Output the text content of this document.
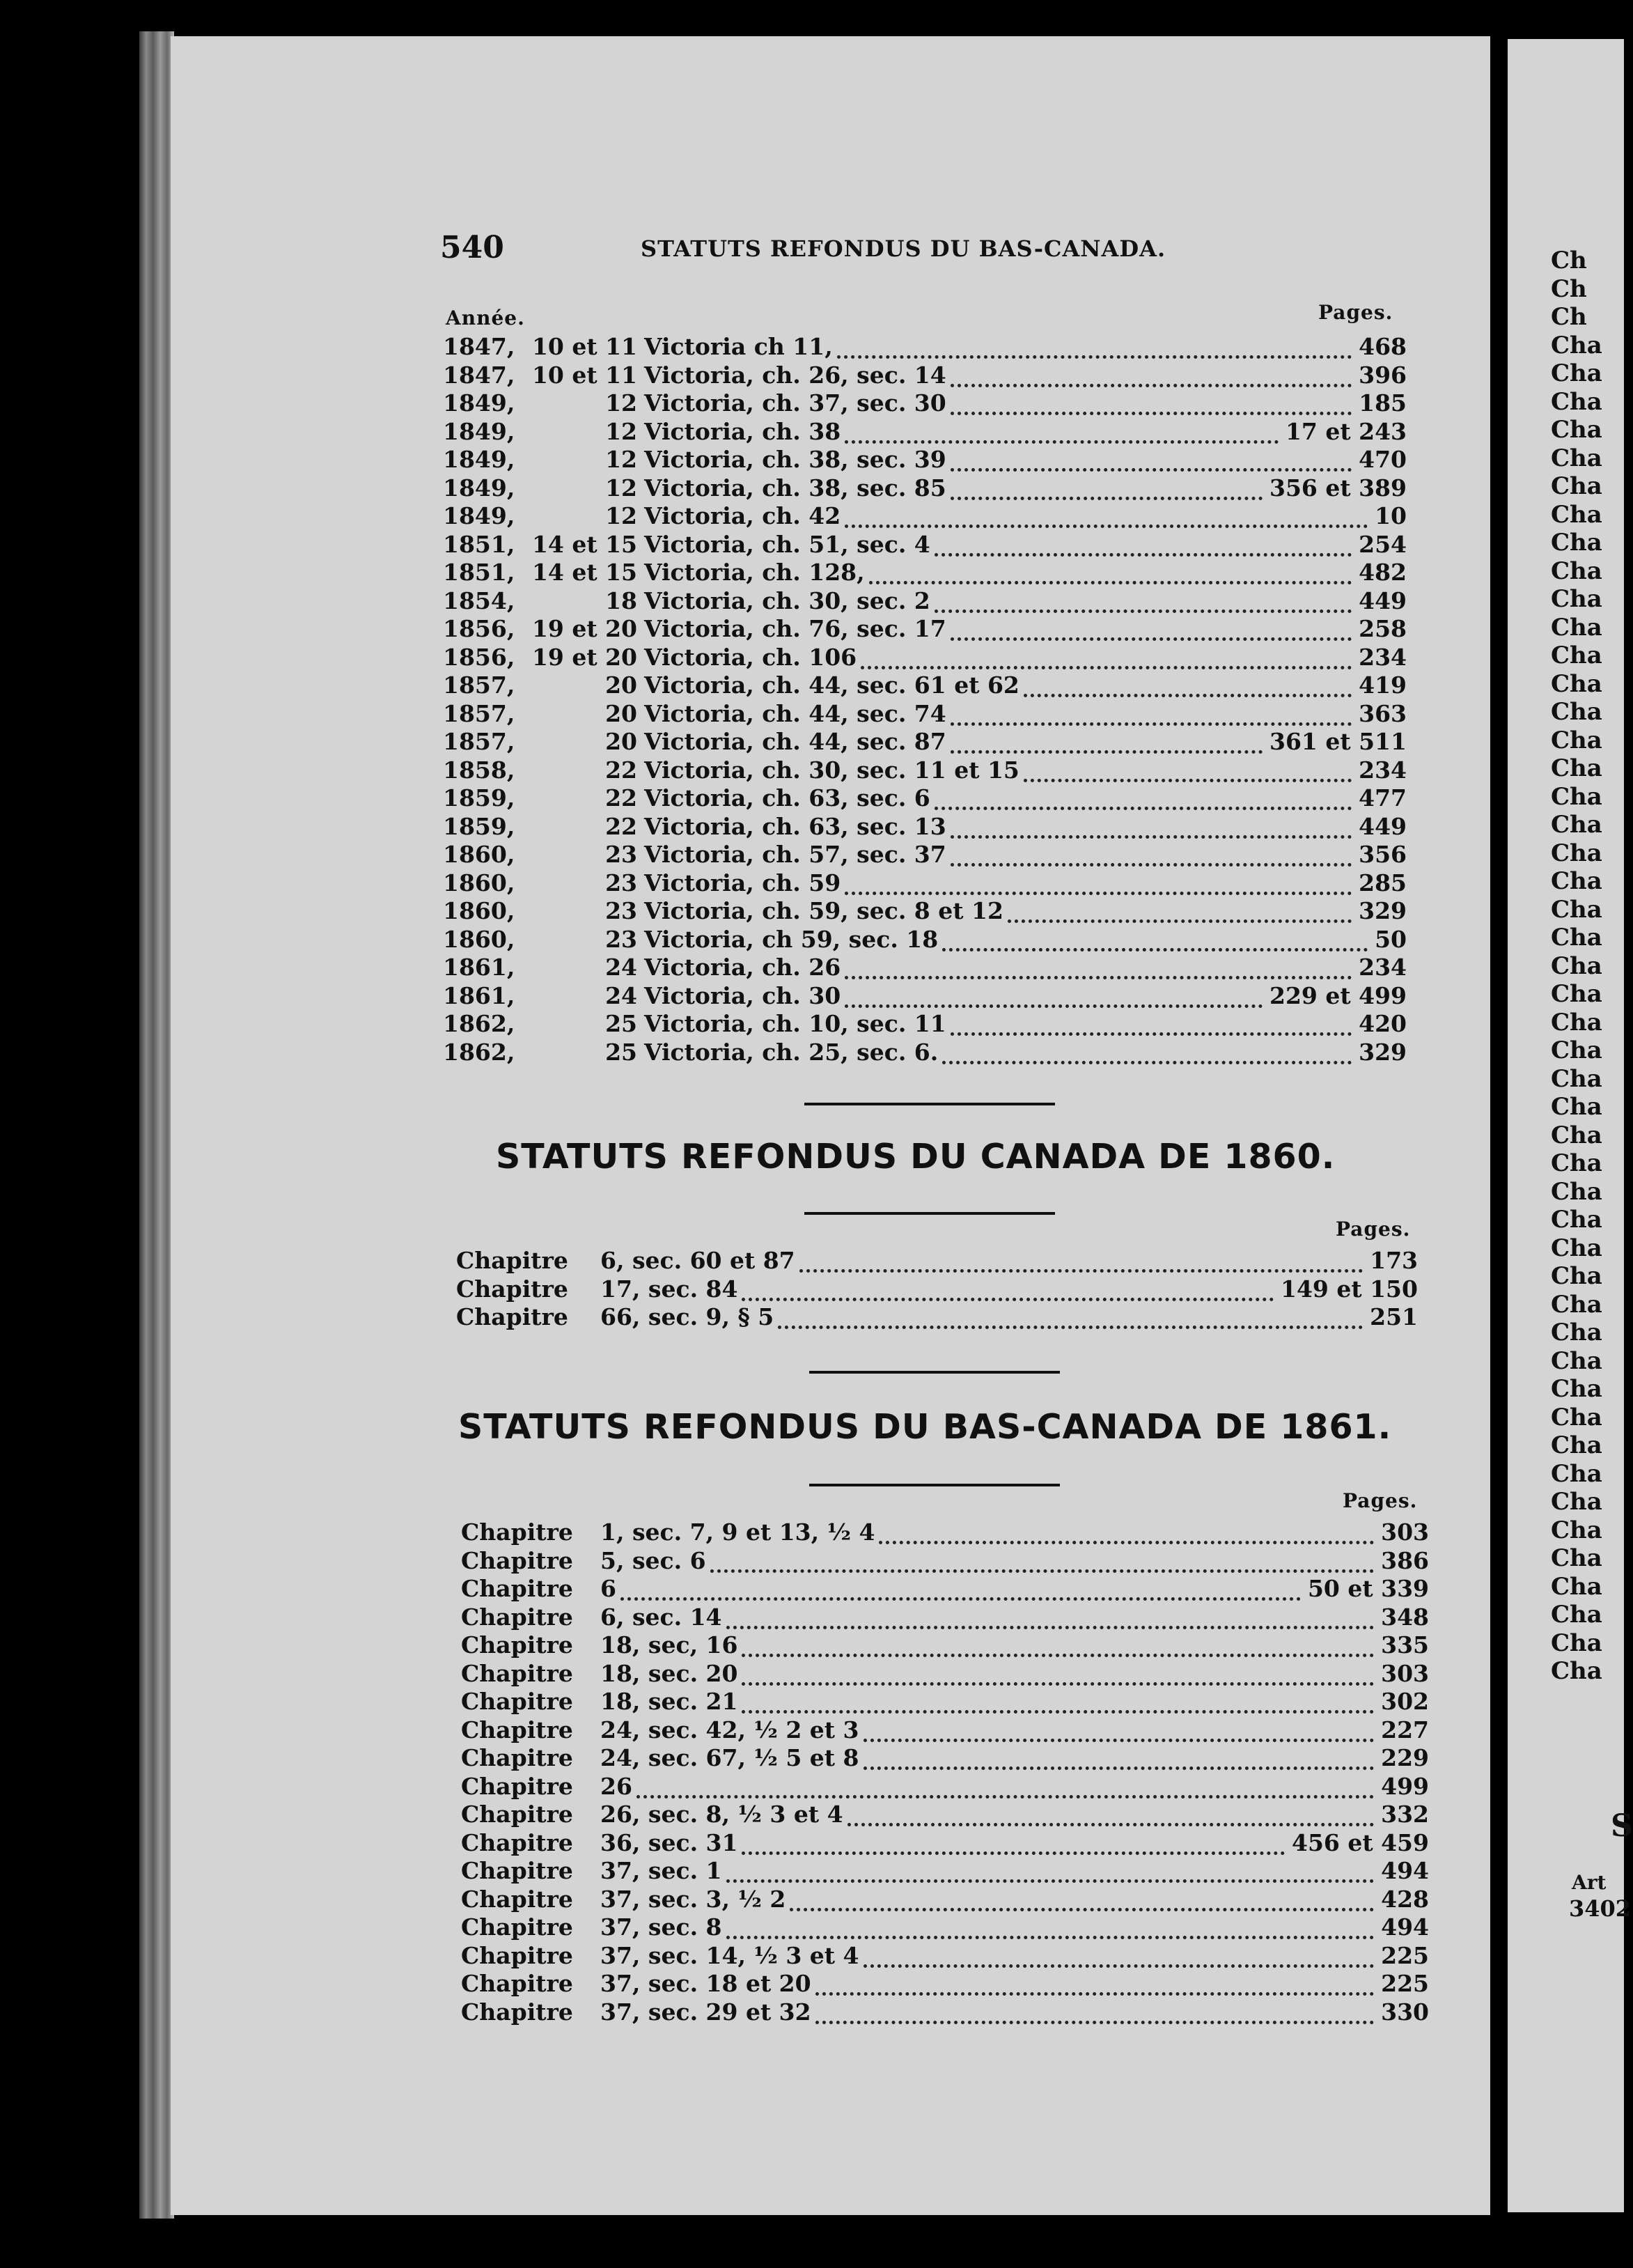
Ch
Ch
Ch
Cha
Cha
Cha
Cha
Cha
Cha
Cha
Cha
Cha
Cha
Cha
Cha
Cha
Cha
Cha
Cha
Cha
Cha
Cha
Cha
Cha
Cha
Cha
Cha
Cha
Cha
Cha
Cha
Cha
Cha
Cha
Cha
Cha
Cha
Cha
Cha
Cha
Cha
Cha
Cha
Cha
Cha
Cha
Cha
Cha
Cha
Cha
Cha
S
Art
3402
540	STATUTS REFONDUS DU BAS-CANADA.
Année.	Pages.
1847, 10 et 11 Victoria ch 11,	468
1847, 10 et 11 Victoria, ch. 26, sec. 14	396
1849,	12 Victoria, ch. 37, sec. 30	185
1849,	12 Victoria, ch. 38	17 et 243
1849,	12 Victoria, ch. 38, sec. 39	470
1849,	12 Victoria, ch. 38, sec. 85	356 et 389
1849,	12 Victoria, ch. 42	10
1851, 14 et 15 Victoria, ch. 51, sec. 4	254
1851, 14 et 15 Victoria, ch. 128,	482
1854,	18 Victoria, ch. 30, sec. 2	449
1856, 19 et 20 Victoria, ch. 76, sec. 17	258
1856, 19 et 20 Victoria, ch. 106	234
1857,	20 Victoria, ch. 44, sec. 61 et 62	419
1857,	20 Victoria, ch. 44, sec. 74	363
1857,	20 Victoria, ch. 44, sec. 87	361 et 511
1858,	22 Victoria, ch. 30, sec. 11 et 15	234
1859,	22 Victoria, ch. 63, sec. 6	477
1859,	22 Victoria, ch. 63, sec. 13	449
1860,	23 Victoria, ch. 57, sec. 37	356
1860,	23 Victoria, ch. 59	285
1860,	23 Victoria, ch. 59, sec. 8 et 12	329
1860,	23 Victoria, ch 59, sec. 18	50
1861,	24 Victoria, ch. 26	234
1861,	24 Victoria, ch. 30	229 et 499
1862,	25 Victoria, ch. 10, sec. 11	420
1862,	25 Victoria, ch. 25, sec. 6.	329
STATUTS REFONDUS DU CANADA DE 1860.
Pages.
Chapitre 6, sec. 60 et 87	173
Chapitre 17, sec. 84	149 et 150
Chapitre 66, sec. 9, § 5	251
STATUTS REFONDUS DU BAS-CANADA DE 1861.
Pages.
Chapitre 1, sec. 7, 9 et 13, ½ 4	303
Chapitre 5, sec. 6	386
Chapitre 6	50 et 339
Chapitre 6, sec. 14	348
Chapitre 18, sec, 16	335
Chapitre 18, sec. 20	303
Chapitre 18, sec. 21	302
Chapitre 24, sec. 42, ½ 2 et 3	227
Chapitre 24, sec. 67, ½ 5 et 8	229
Chapitre 26	499
Chapitre 26, sec. 8, ½ 3 et 4	332
Chapitre 36, sec. 31	456 et 459
Chapitre 37, sec. 1	494
Chapitre 37, sec. 3, ½ 2	428
Chapitre 37, sec. 8	494
Chapitre 37, sec. 14, ½ 3 et 4	225
Chapitre 37, sec. 18 et 20	225
Chapitre 37, sec. 29 et 32	330
